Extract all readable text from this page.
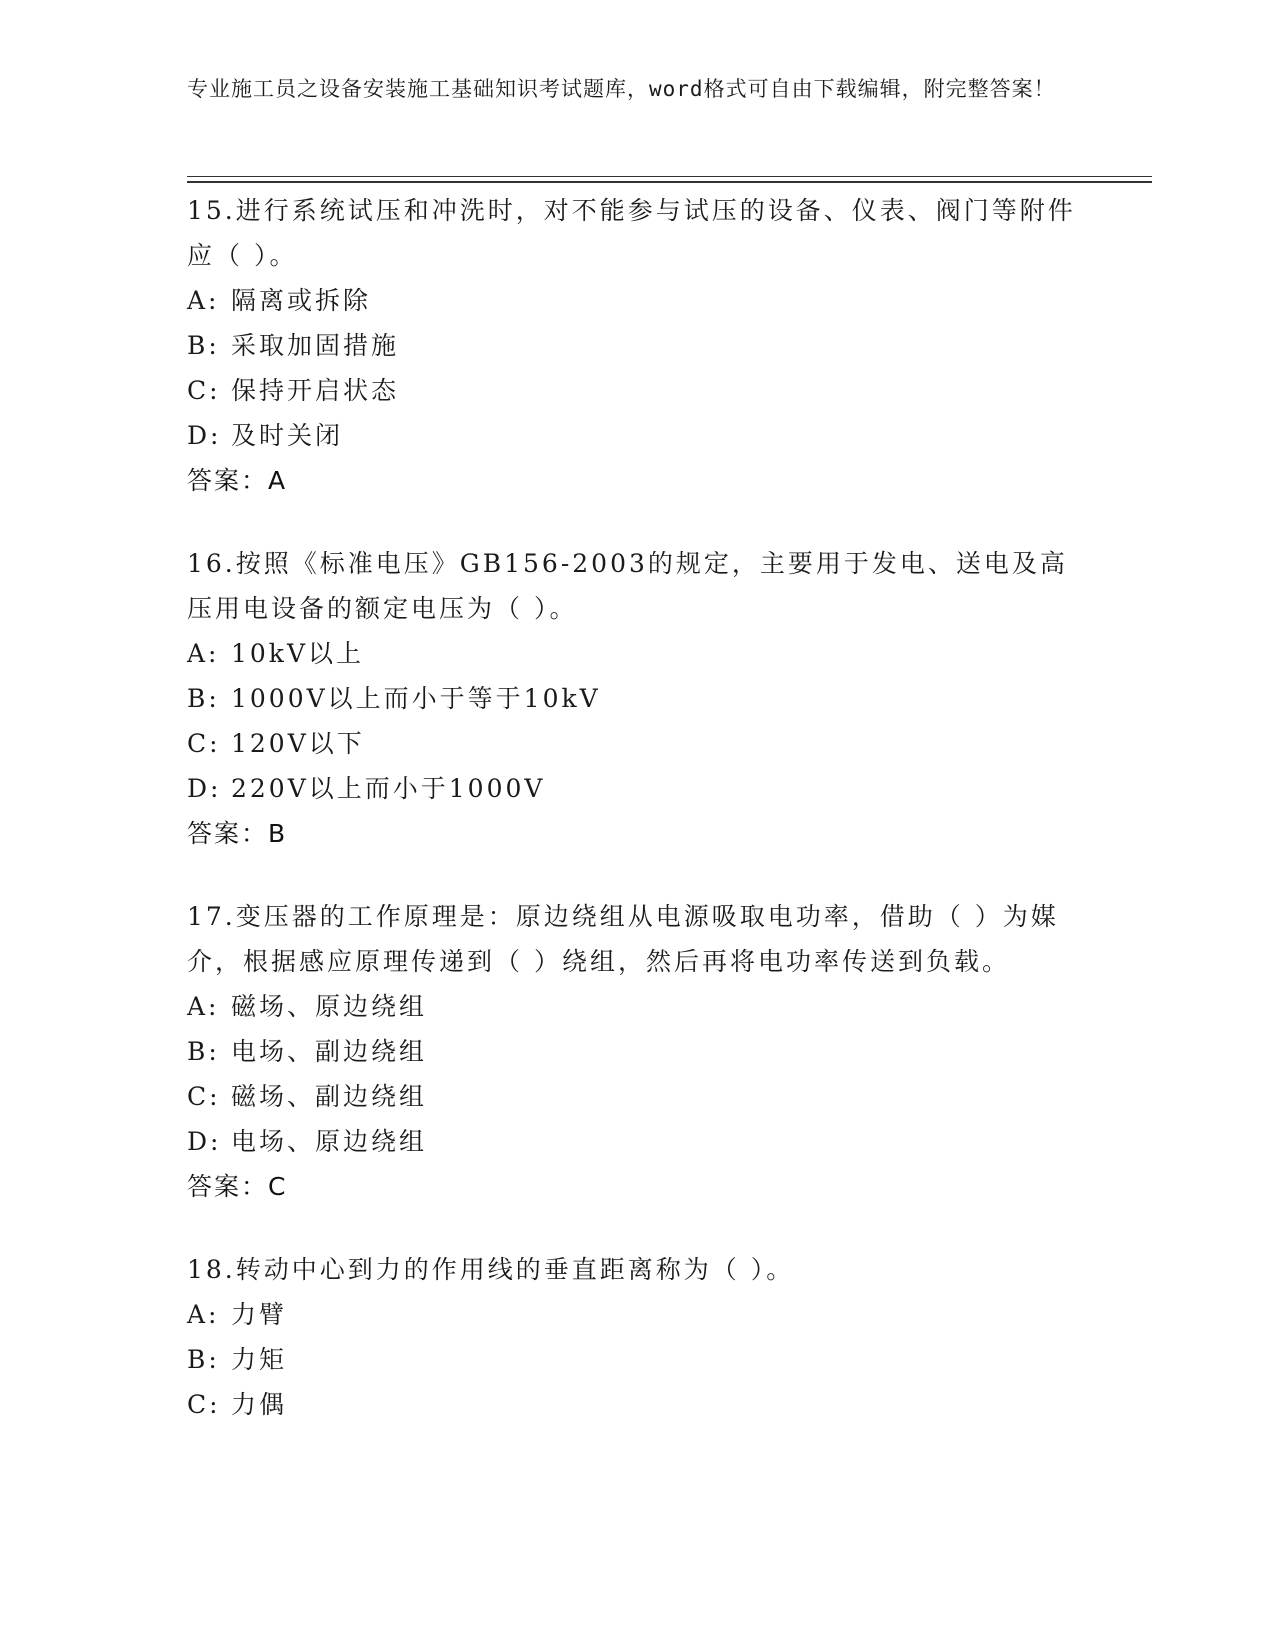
专业施工员之设备安装施工基础知识考试题库，word格式可自由下载编辑，附完整答案！

15.进行系统试压和冲洗时，对不能参与试压的设备、仪表、阀门等附件应（ ）。

A: 隔离或拆除

B: 采取加固措施

C: 保持开启状态

D: 及时关闭

答案：A

16.按照《标准电压》GB156-2003的规定，主要用于发电、送电及高压用电设备的额定电压为（ ）。

A: 10kV以上

B: 1000V以上而小于等于10kV

C: 120V以下

D: 220V以上而小于1000V

答案：B

17.变压器的工作原理是：原边绕组从电源吸取电功率，借助（ ）为媒介，根据感应原理传递到（ ）绕组，然后再将电功率传送到负载。

A: 磁场、原边绕组

B: 电场、副边绕组

C: 磁场、副边绕组

D: 电场、原边绕组

答案：C

18.转动中心到力的作用线的垂直距离称为（ ）。

A: 力臂

B: 力矩

C: 力偶
